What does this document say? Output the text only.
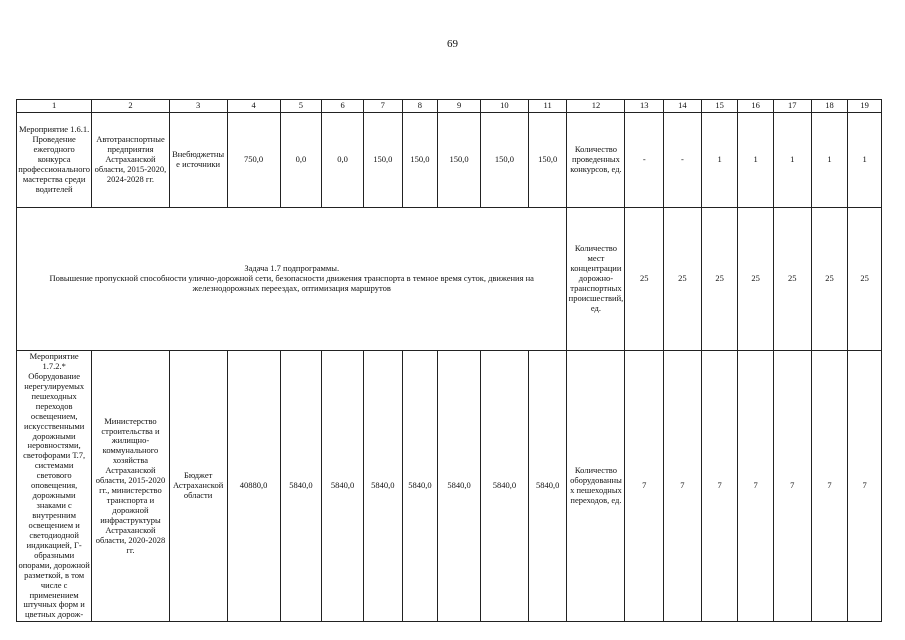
69
1	2	3	4	5	6	7	8	9	10	11	12	13	14	15	16	17	18	19
Мероприятие 1.6.1. Проведение ежегодного конкурса профессионального мастерства среди водителей	Автотранспортные предприятия Астраханской области, 2015-2020, 2024-2028 гг.	Внебюджетные источники	750,0	0,0	0,0	150,0	150,0	150,0	150,0	150,0	Количество проведенных конкурсов, ед.	-	-	1	1	1	1	1

Задача 1.7 подпрограммы.
Повышение пропускной способности улично-дорожной сети, безопасности движения транспорта в темное время суток, движения на железнодорожных переездах, оптимизация маршрутов											Количество мест концентрации дорожно-транспортных происшествий, ед.	25	25	25	25	25	25	25
Мероприятие 1.7.2.* Оборудование нерегулируемых пешеходных переходов освещением, искусственными дорожными неровностями, светофорами Т.7, системами светового оповещения, дорожными знаками с внутренним освещением и светодиодной индикацией, Г-образными опорами, дорожной разметкой, в том числе с применением штучных форм и цветных дорож-	Министерство строительства и жилищно-коммунального хозяйства Астраханской области, 2015-2020 гг., министерство транспорта и дорожной инфраструктуры Астраханской области, 2020-2028 гг.	Бюджет Астраханской области	40880,0	5840,0	5840,0	5840,0	5840,0	5840,0	5840,0	5840,0	Количество оборудованных пешеходных переходов, ед.	7	7	7	7	7	7	7
